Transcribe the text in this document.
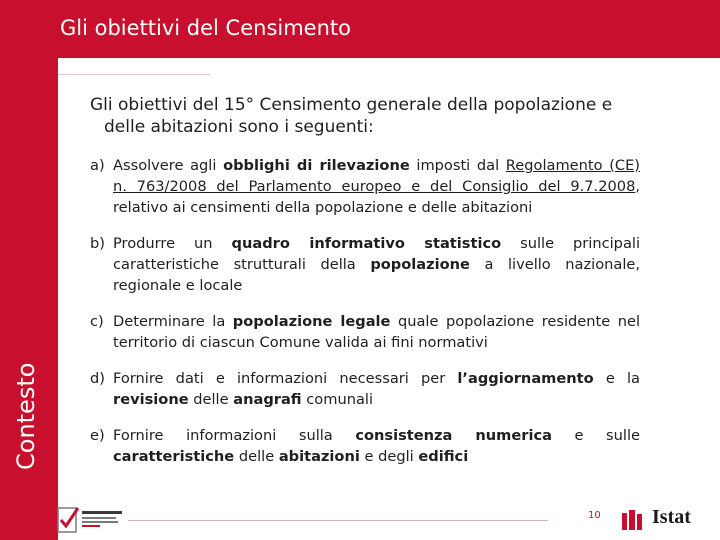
Gli obiettivi del Censimento

Gli obiettivi del 15° Censimento generale della popolazione e delle abitazioni sono i seguenti:

a) Assolvere agli obblighi di rilevazione imposti dal Regolamento (CE) n. 763/2008 del Parlamento europeo e del Consiglio del 9.7.2008, relativo ai censimenti della popolazione e delle abitazioni

b) Produrre un quadro informativo statistico sulle principali caratteristiche strutturali della popolazione a livello nazionale, regionale e locale

c) Determinare la popolazione legale quale popolazione residente nel territorio di ciascun Comune valida ai fini normativi

d) Fornire dati e informazioni necessari per l’aggiornamento e la revisione delle anagrafi comunali

e) Fornire informazioni sulla consistenza numerica e sulle caratteristiche delle abitazioni e degli edifici

10	Istat
